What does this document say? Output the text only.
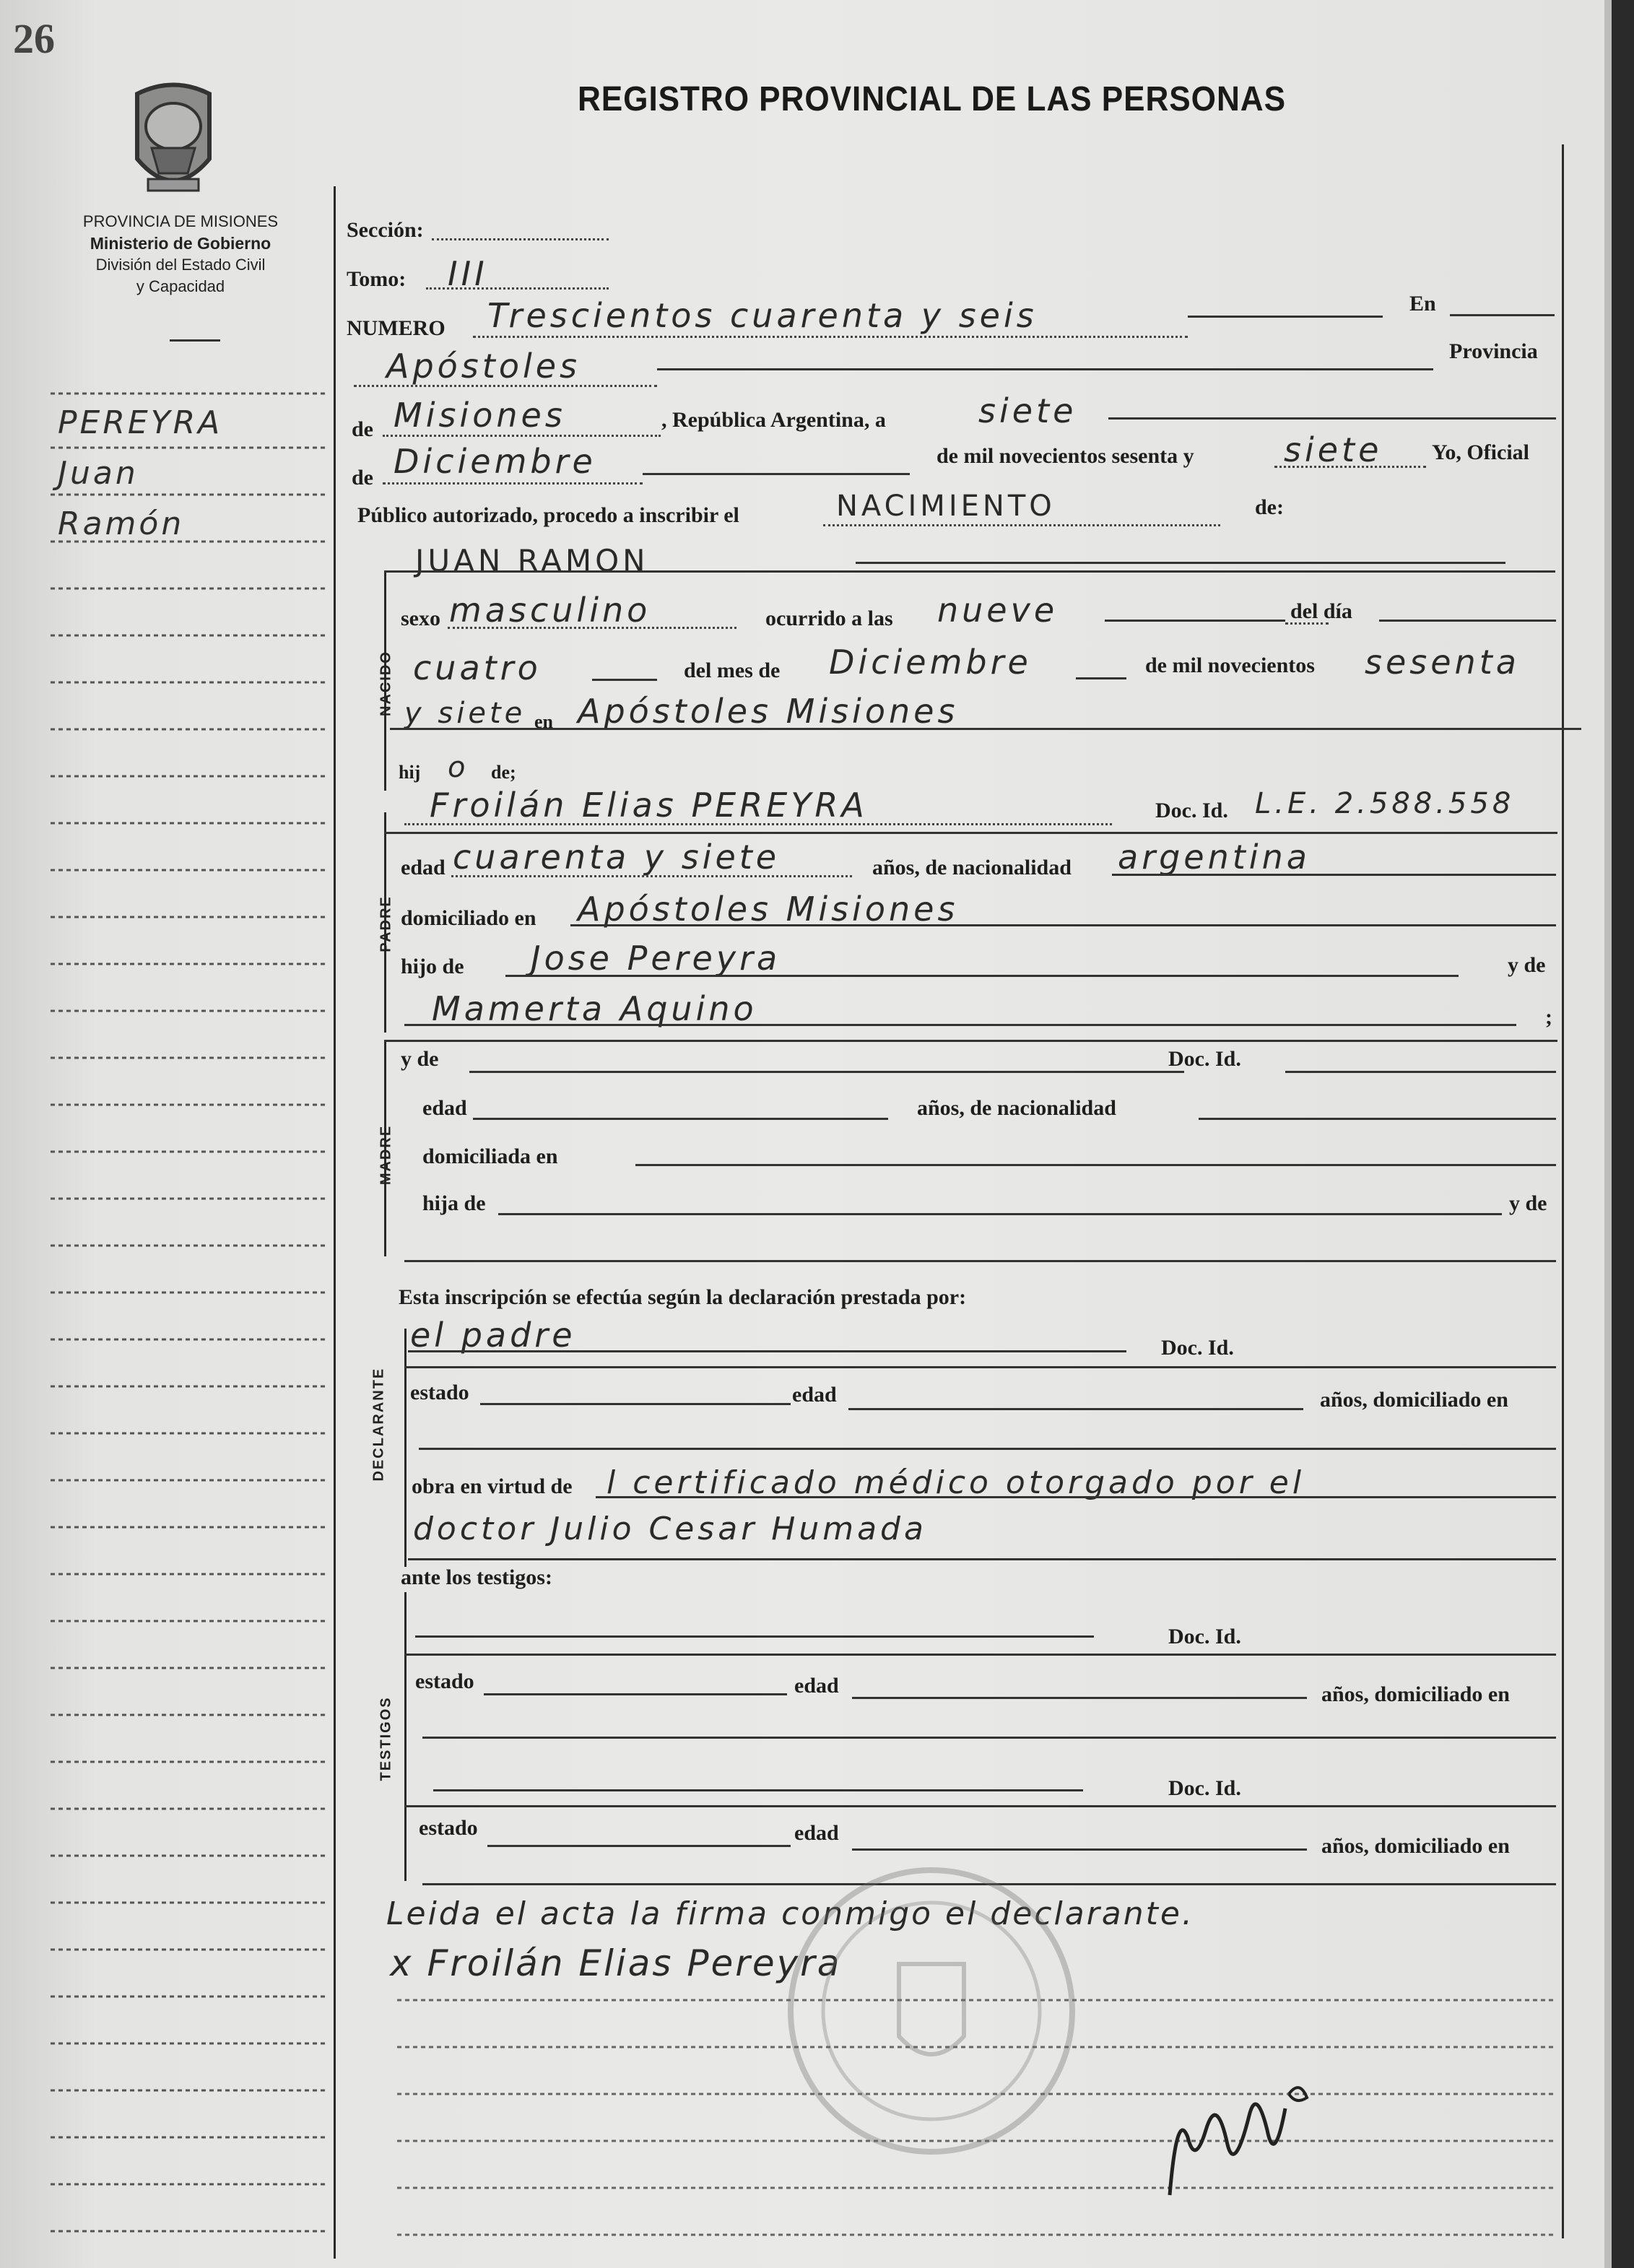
26
PROVINCIA DE MISIONES
Ministerio de Gobierno
División del Estado Civil
y Capacidad
REGISTRO PROVINCIAL DE LAS PERSONAS
PEREYRA
Juan
Ramón
Sección:
Tomo: III
NUMERO Trescientos cuarenta y seis	En
Apóstoles	Provincia
de Misiones	, República Argentina, a	siete
de Diciembre	de mil novecientos sesenta y	siete Yo, Oficial
Público autorizado, procedo a inscribir el	NACIMIENTO	de:
NACIDO
JUAN RAMON
sexo masculino	ocurrido a las nueve	del día
cuatro	del mes de Diciembre	de mil novecientos sesenta
y siete en Apóstoles Misiones
hij o de;
PADRE
Froilán Elias PEREYRA	Doc. Id. L.E. 2.588.558
edad cuarenta y siete	años, de nacionalidad argentina
domiciliado en Apóstoles Misiones
hijo de Jose Pereyra	y de
Mamerta Aquino	;
MADRE
y de	Doc. Id.
edad	años, de nacionalidad
domiciliada en
hija de	y de
Esta inscripción se efectúa según la declaración prestada por:
DECLARANTE
el padre	Doc. Id.
estado	edad	años, domiciliado en
obra en virtud de l certificado médico otorgado por el
doctor Julio Cesar Humada
ante los testigos:
TESTIGOS
Doc. Id.
estado	edad	años, domiciliado en
Doc. Id.
estado	edad
años, domiciliado en
Leida el acta la firma conmigo el declarante.
x Froilán Elias Pereyra
